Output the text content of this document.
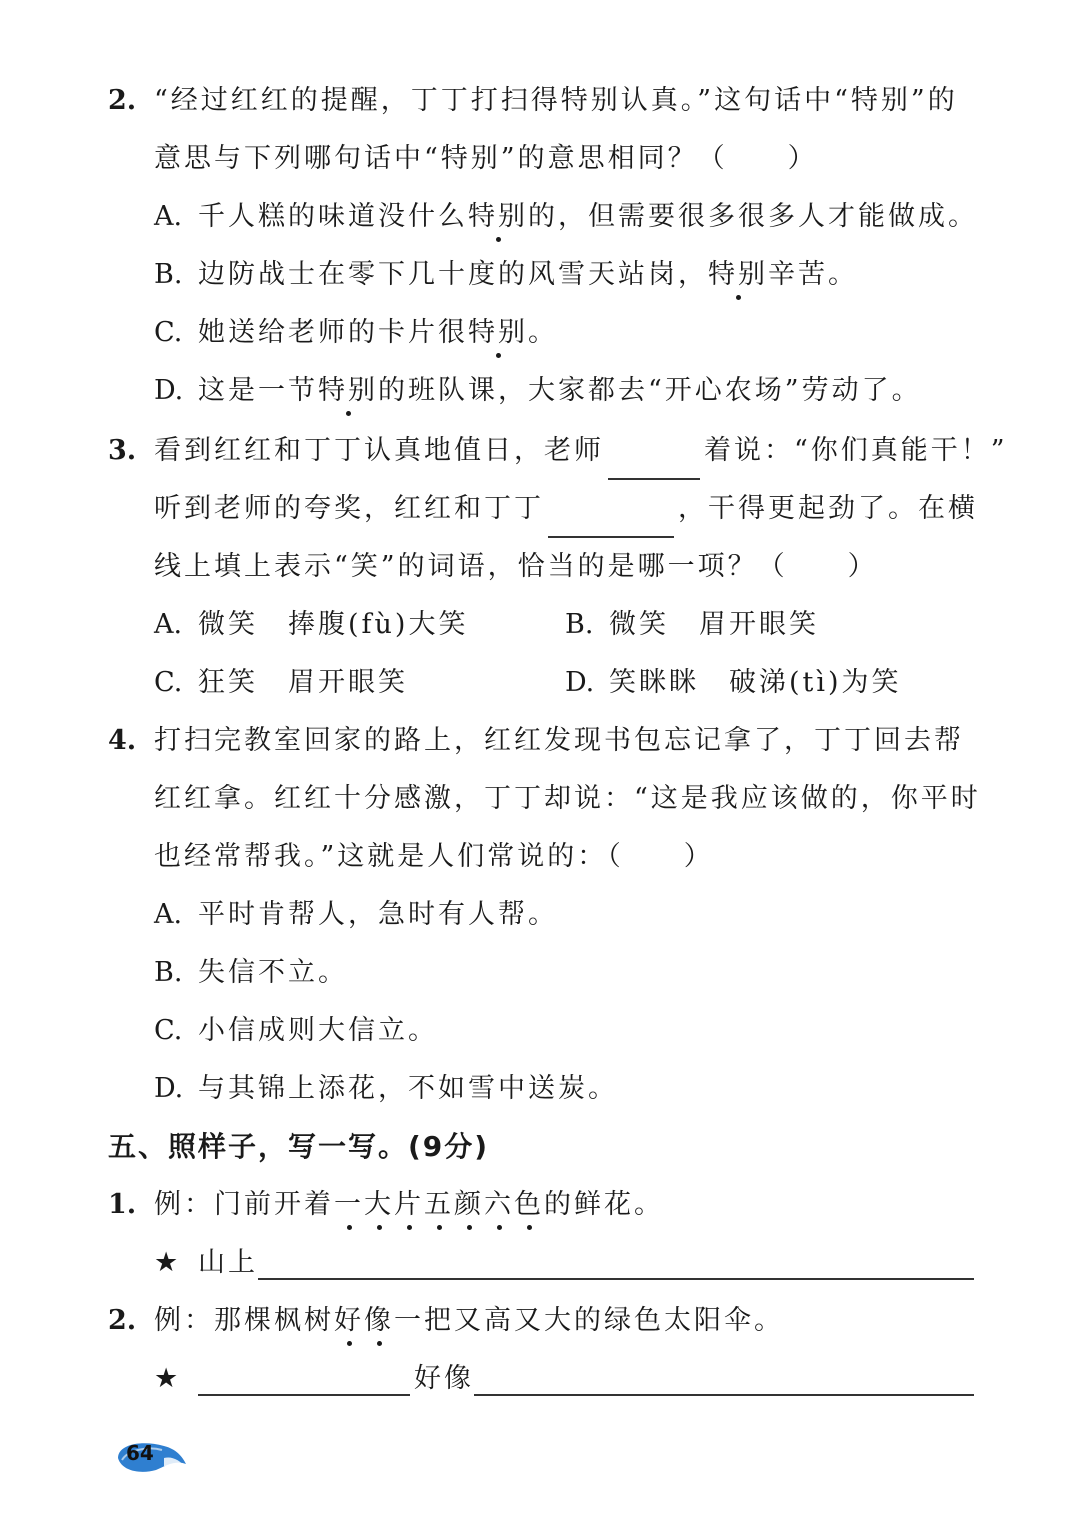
2. “经过红红的提醒，丁丁打扫得特别认真。”这句话中“特别”的
意思与下列哪句话中“特别”的意思相同？（　　）
A. 千人糕的味道没什么特别的，但需要很多很多人才能做成。
B. 边防战士在零下几十度的风雪天站岗，特别辛苦。
C. 她送给老师的卡片很特别。
D. 这是一节特别的班队课，大家都去“开心农场”劳动了。
3. 看到红红和丁丁认真地值日，老师	着说：“你们真能干！”
听到老师的夸奖，红红和丁丁	，干得更起劲了。在横
线上填上表示“笑”的词语，恰当的是哪一项？（　　）
A. 微笑　捧腹(fù)大笑	B. 微笑　眉开眼笑
C. 狂笑　眉开眼笑	D. 笑眯眯　破涕(tì)为笑
4. 打扫完教室回家的路上，红红发现书包忘记拿了，丁丁回去帮
红红拿。红红十分感激，丁丁却说：“这是我应该做的，你平时
也经常帮我。”这就是人们常说的：（　　）
A. 平时肯帮人，急时有人帮。
B. 失信不立。
C. 小信成则大信立。
D. 与其锦上添花，不如雪中送炭。
五、照样子，写一写。(9分)
1. 例：门前开着一大片五颜六色的鲜花。
★ 山上
2. 例：那棵枫树好像一把又高又大的绿色太阳伞。
★	好像
64
